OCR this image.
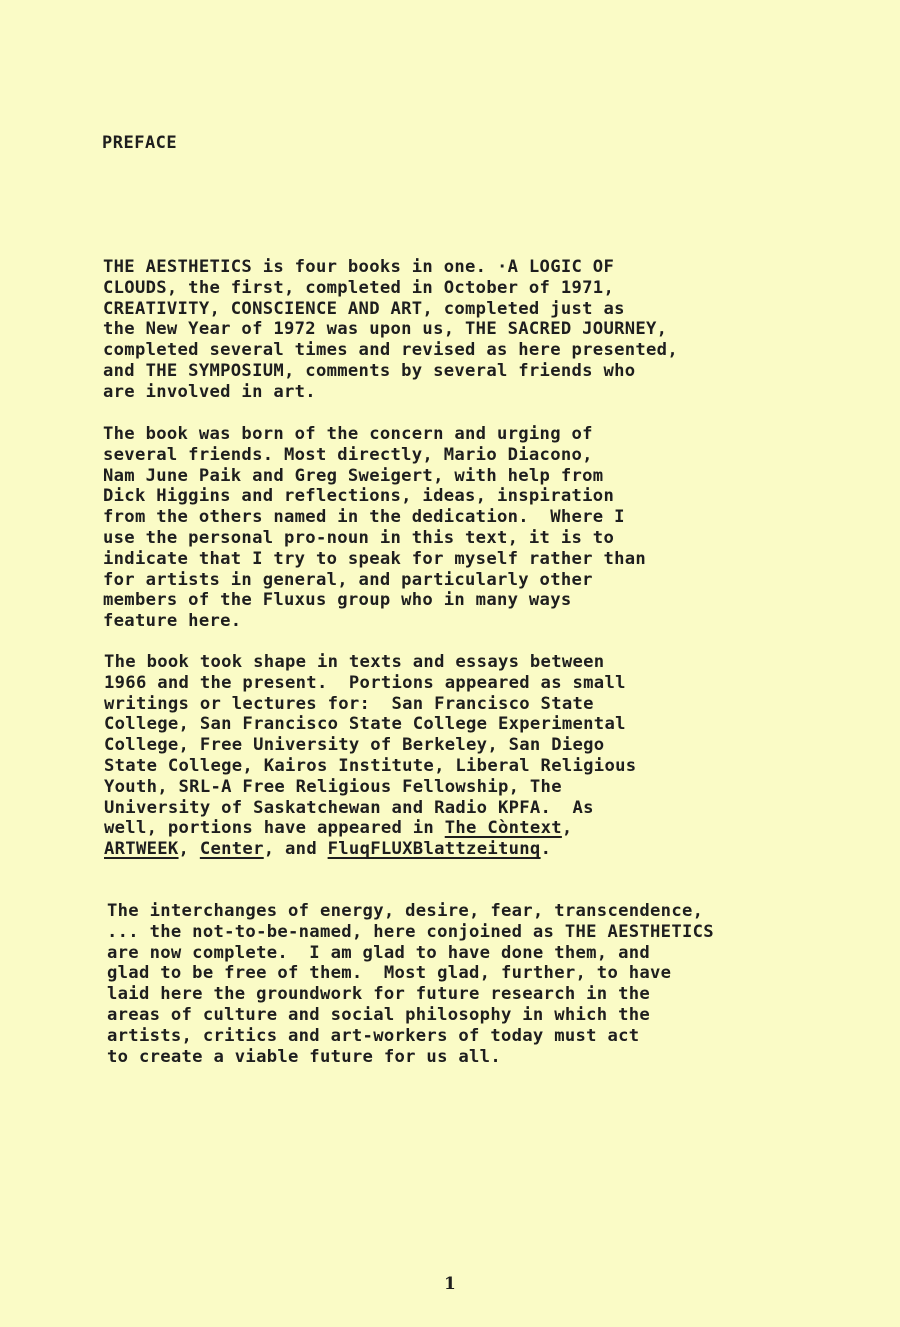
PREFACE

THE AESTHETICS is four books in one. ·A LOGIC OF
CLOUDS, the first, completed in October of 1971,
CREATIVITY, CONSCIENCE AND ART, completed just as
the New Year of 1972 was upon us, THE SACRED JOURNEY,
completed several times and revised as here presented,
and THE SYMPOSIUM, comments by several friends who
are involved in art.

The book was born of the concern and urging of
several friends. Most directly, Mario Diacono,
Nam June Paik and Greg Sweigert, with help from
Dick Higgins and reflections, ideas, inspiration
from the others named in the dedication.  Where I
use the personal pro-noun in this text, it is to
indicate that I try to speak for myself rather than
for artists in general, and particularly other
members of the Fluxus group who in many ways
feature here.

The book took shape in texts and essays between
1966 and the present.  Portions appeared as small
writings or lectures for:  San Francisco State
College, San Francisco State College Experimental
College, Free University of Berkeley, San Diego
State College, Kairos Institute, Liberal Religious
Youth, SRL-A Free Religious Fellowship, The
University of Saskatchewan and Radio KPFA.  As
well, portions have appeared in The Còntext,
ARTWEEK, Center, and FluqFLUXBlattzeitunq.

The interchanges of energy, desire, fear, transcendence,
... the not-to-be-named, here conjoined as THE AESTHETICS
are now complete.  I am glad to have done them, and
glad to be free of them.  Most glad, further, to have
laid here the groundwork for future research in the
areas of culture and social philosophy in which the
artists, critics and art-workers of today must act
to create a viable future for us all.

1
